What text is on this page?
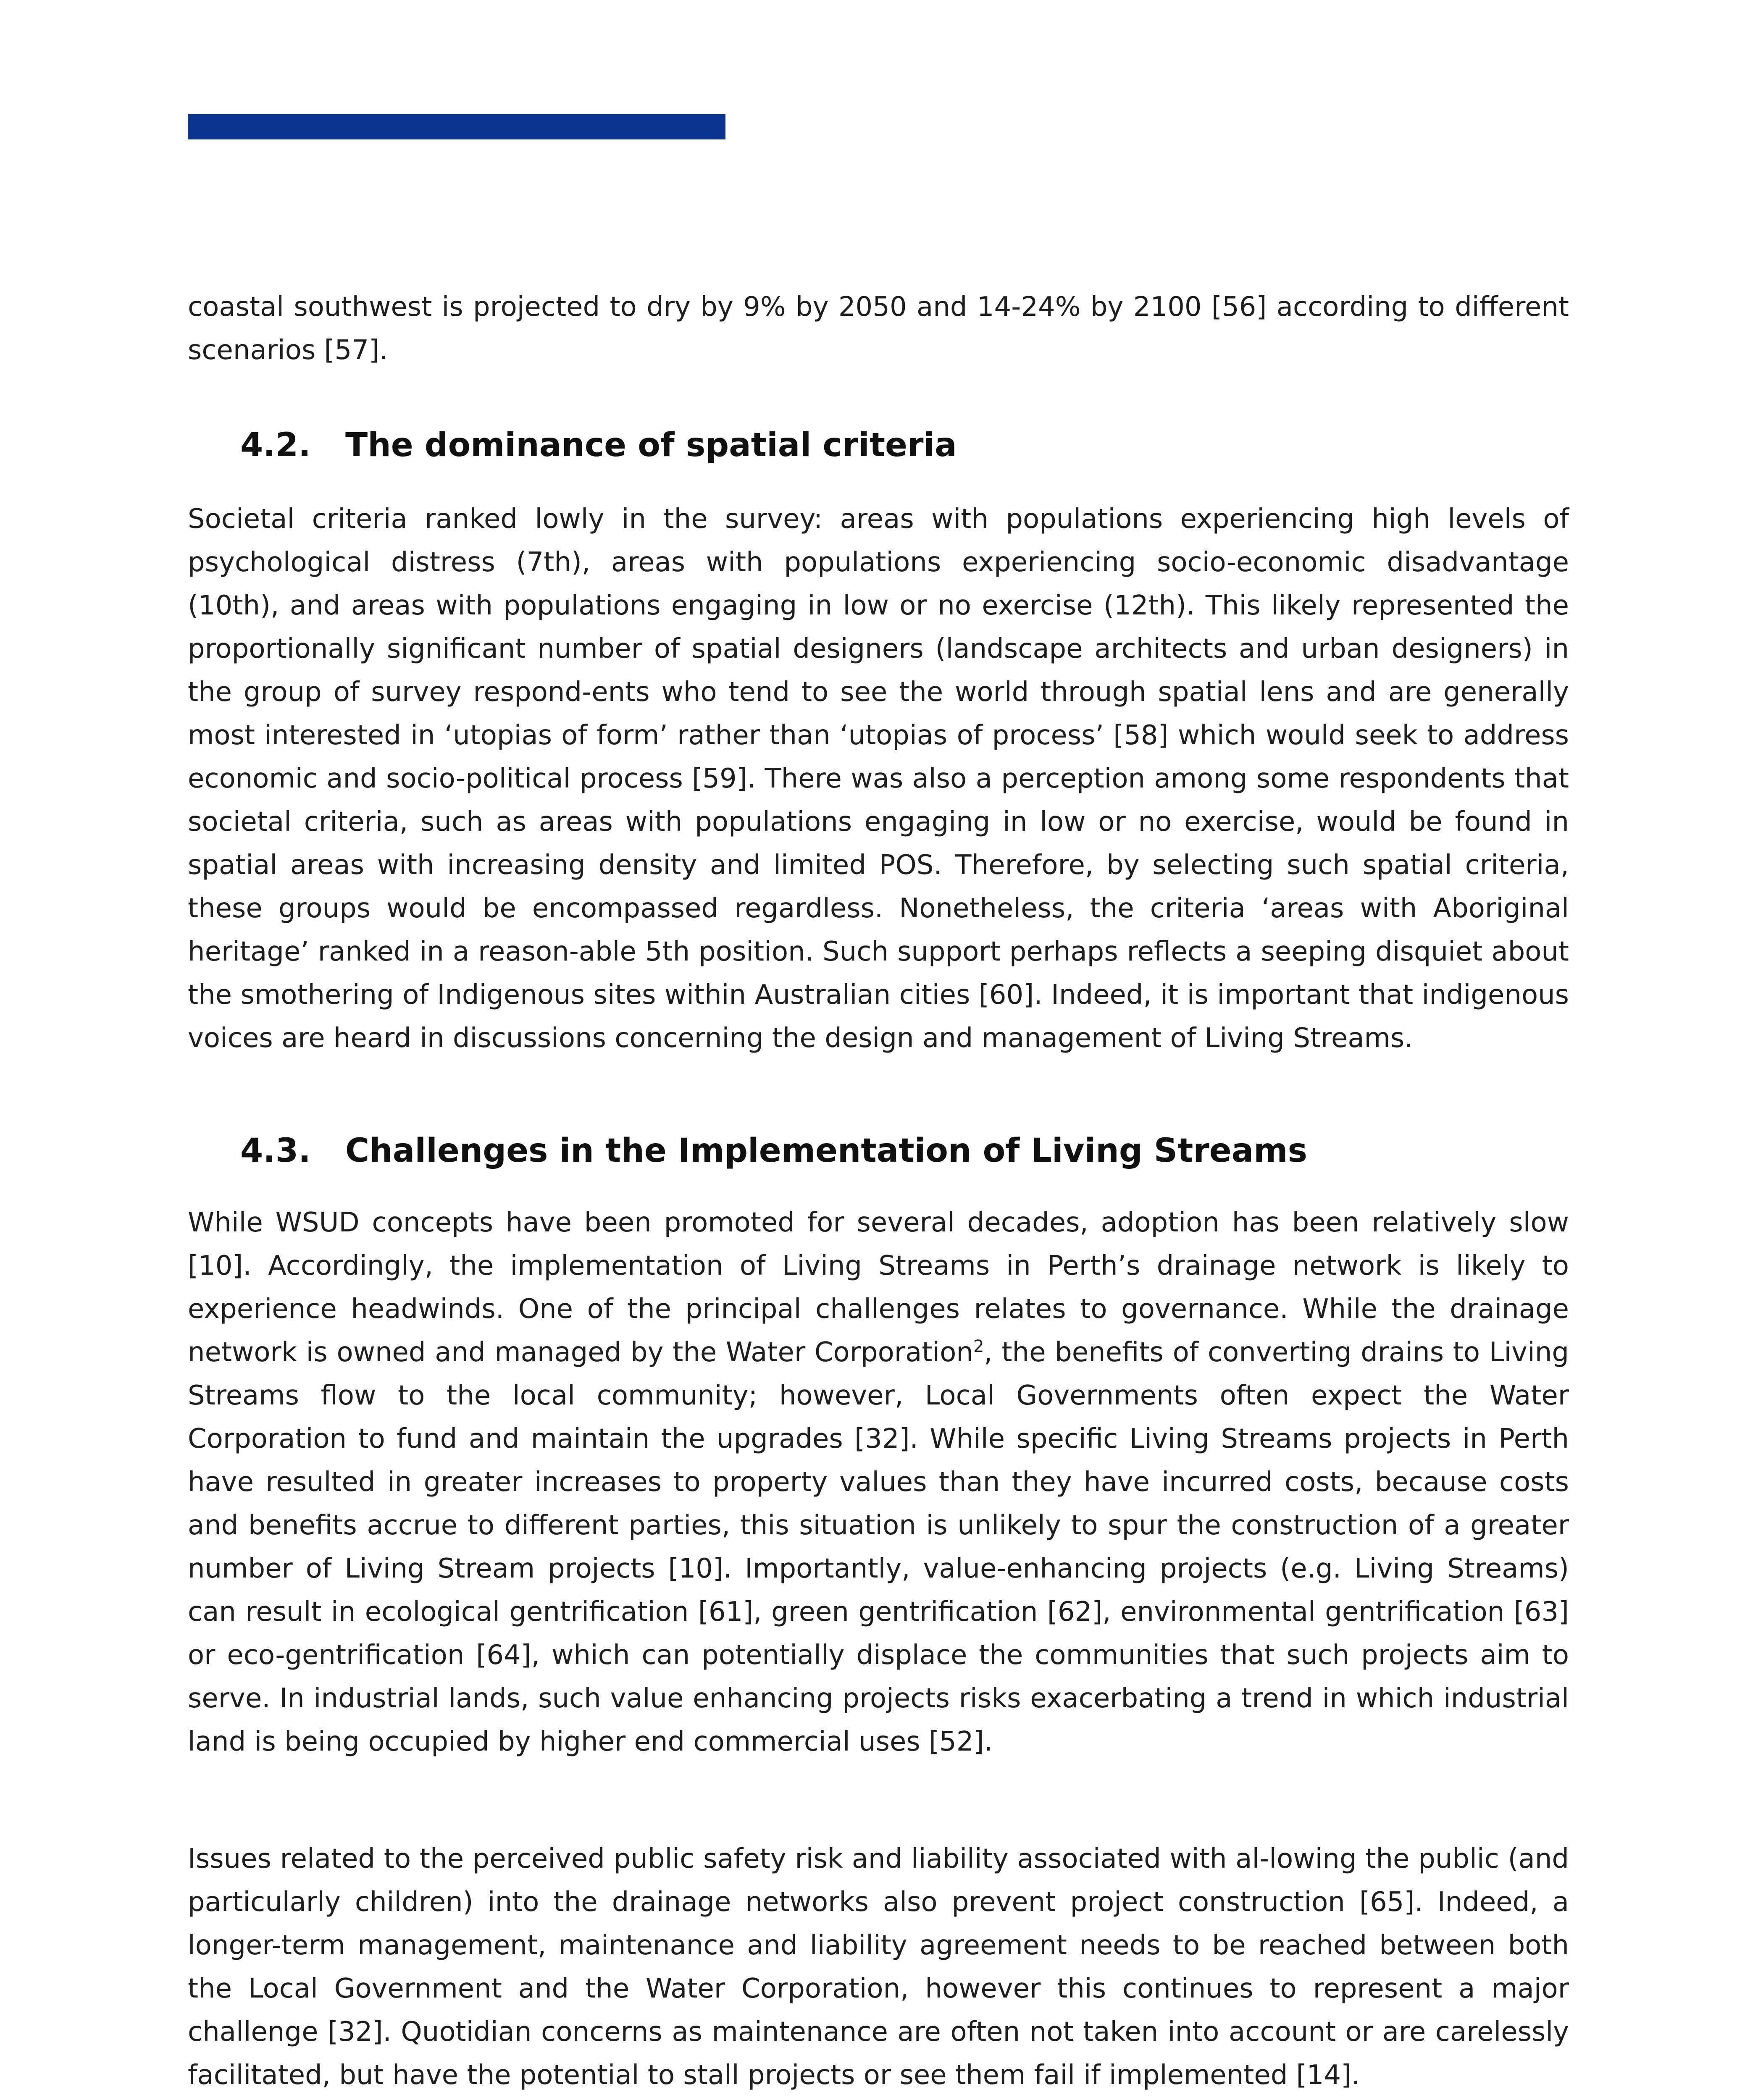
coastal southwest is projected to dry by 9% by 2050 and 14-24% by 2100 [56] according to different scenarios [57].

4.2. The dominance of spatial criteria

Societal criteria ranked lowly in the survey: areas with populations experiencing high levels of psychological distress (7th), areas with populations experiencing socio-economic disadvantage (10th), and areas with populations engaging in low or no exercise (12th). This likely represented the proportionally significant number of spatial designers (landscape architects and urban designers) in the group of survey respond-ents who tend to see the world through spatial lens and are generally most interested in ‘utopias of form’ rather than ‘utopias of process’ [58] which would seek to address economic and socio-political process [59]. There was also a perception among some respondents that societal criteria, such as areas with populations engaging in low or no exercise, would be found in spatial areas with increasing density and limited POS. Therefore, by selecting such spatial criteria, these groups would be encompassed regardless. Nonetheless, the criteria ‘areas with Aboriginal heritage’ ranked in a reason-able 5th position. Such support perhaps reflects a seeping disquiet about the smothering of Indigenous sites within Australian cities [60]. Indeed, it is important that indigenous voices are heard in discussions concerning the design and management of Living Streams.

4.3. Challenges in the Implementation of Living Streams

While WSUD concepts have been promoted for several decades, adoption has been relatively slow [10]. Accordingly, the implementation of Living Streams in Perth’s drainage network is likely to experience headwinds. One of the principal challenges relates to governance. While the drainage network is owned and managed by the Water Corporation$^2$, the benefits of converting drains to Living Streams flow to the local community; however, Local Governments often expect the Water Corporation to fund and maintain the upgrades [32]. While specific Living Streams projects in Perth have resulted in greater increases to property values than they have incurred costs, because costs and benefits accrue to different parties, this situation is unlikely to spur the construction of a greater number of Living Stream projects [10]. Importantly, value-enhancing projects (e.g. Living Streams) can result in ecological gentrification [61], green gentrification [62], environmental gentrification [63] or eco-gentrification [64], which can potentially displace the communities that such projects aim to serve. In industrial lands, such value enhancing projects risks exacerbating a trend in which industrial land is being occupied by higher end commercial uses [52].

Issues related to the perceived public safety risk and liability associated with al-lowing the public (and particularly children) into the drainage networks also prevent project construction [65]. Indeed, a longer-term management, maintenance and liability agreement needs to be reached between both the Local Government and the Water Corporation, however this continues to represent a major challenge [32]. Quotidian concerns as maintenance are often not taken into account or are carelessly facilitated, but have the potential to stall projects or see them fail if implemented [14].
